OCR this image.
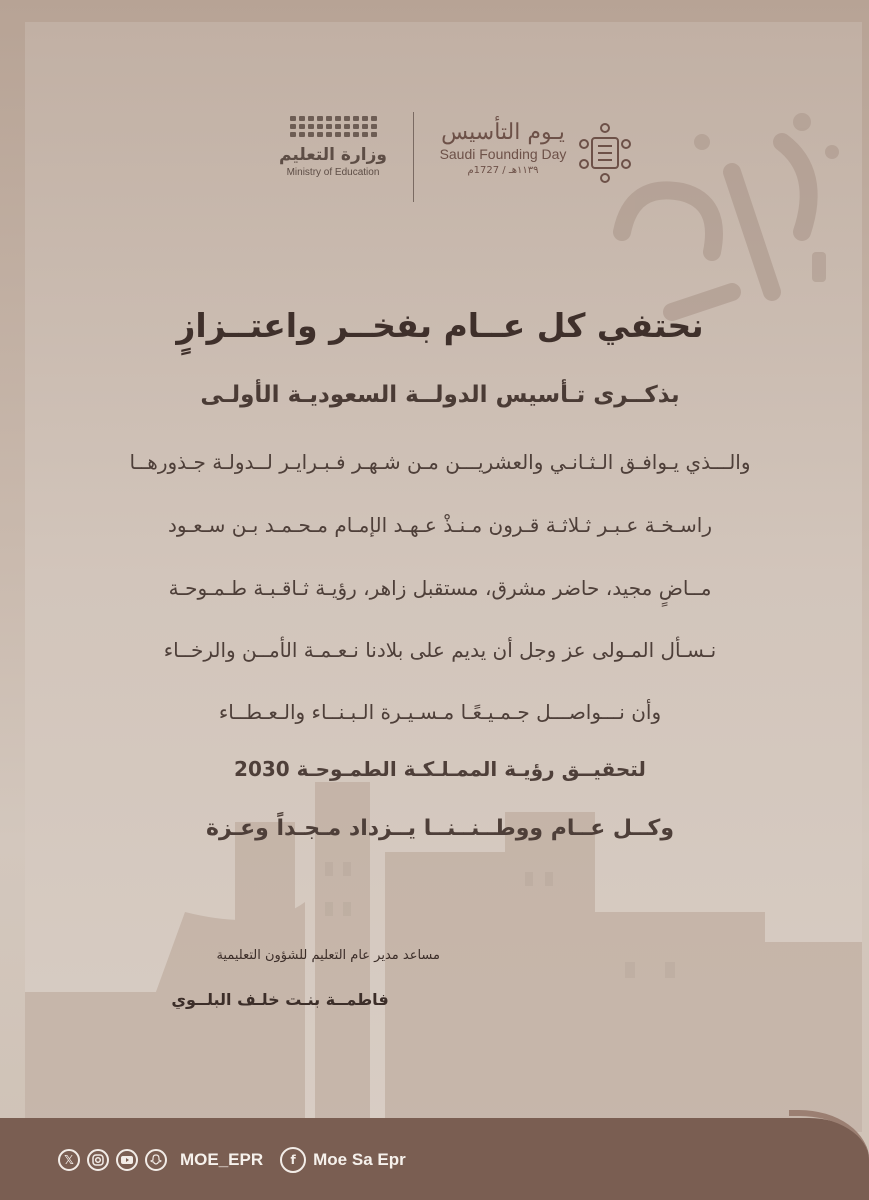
وزارة التعليم
Ministry of Education
يـوم التأسيس
Saudi Founding Day
١١٣٩هـ / 1727م
نحتفي كل عــام بفخــر واعتــزازٍ
بذكــرى تـأسيس الدولــة السعوديـة الأولـى
والـــذي يـوافـق الـثـانـي والعشريـــن مـن شـهـر فـبـرايـر لــدولـة جـذورهــا
راسـخـة عـبـر ثـلاثـة قـرون مـنـذْ عـهـد الإمـام مـحـمـد بـن سـعـود
مــاضٍ مجيد، حاضر مشرق، مستقبل زاهر، رؤيـة ثـاقـبـة طـمـوحـة
نـسـأل المـولى عز وجل أن يديم على بلادنا نـعـمـة الأمــن والرخــاء
وأن نـــواصـــل جـمـيـعًـا مـسـيـرة الـبـنــاء والـعـطــاء
لتحقيــق رؤيـة الممـلـكـة الطمـوحـة 2030
وكــل عــام ووطــنــنــا يــزداد مـجـداً وعـزة
مساعد مدير عام التعليم للشؤون التعليمية
فاطمــة بنـت خلـف البلــوي
𝕏	MOE_EPR	f	Moe Sa Epr
